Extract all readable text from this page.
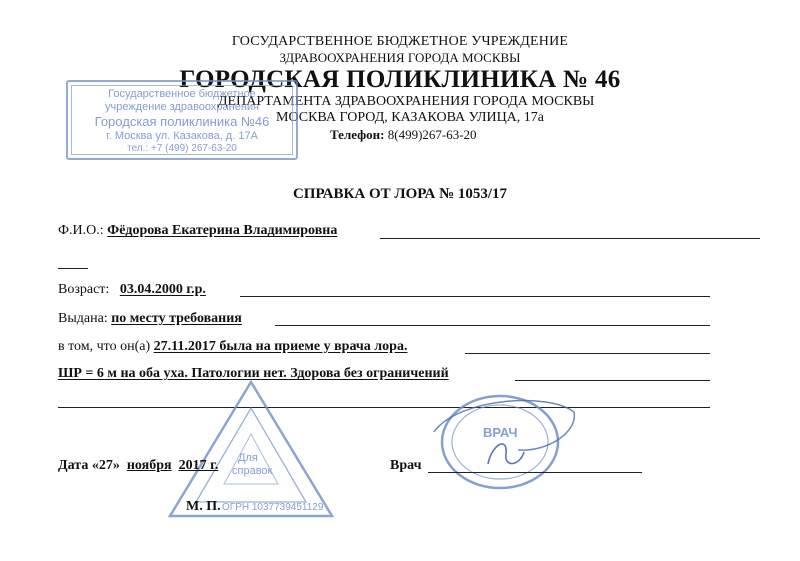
ГОСУДАРСТВЕННОЕ БЮДЖЕТНОЕ УЧРЕЖДЕНИЕ
ЗДРАВООХРАНЕНИЯ ГОРОДА МОСКВЫ
ГОРОДСКАЯ ПОЛИКЛИНИКА № 46
ДЕПАРТАМЕНТА ЗДРАВООХРАНЕНИЯ ГОРОДА МОСКВЫ
МОСКВА ГОРОД, КАЗАКОВА УЛИЦА, 17а
Телефон: 8(499)267-63-20
Государственное бюджетное
учреждение здравоохранения
Городская поликлиника №46
г. Москва ул. Казакова, д. 17А
тел.: +7 (499) 267-63-20
СПРАВКА ОТ ЛОРА № 1053/17
Ф.И.О.: Фёдорова Екатерина Владимировна
Возраст: 03.04.2000 г.р.
Выдана: по месту требования
в том, что он(а) 27.11.2017 была на приеме у врача лора.
ШР = 6 м на оба уха. Патологии нет. Здорова без ограничений
Для
справок
ОГРН 1037739451129
ВРАЧ
Дата «27» ноября 2017 г.	Врач
М. П.
